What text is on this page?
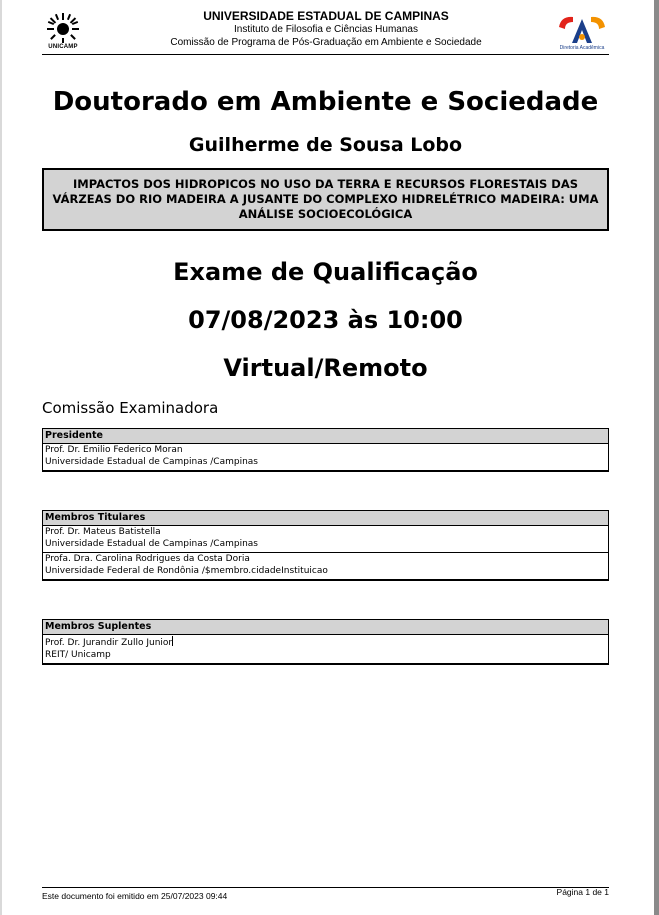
UNICAMP
UNIVERSIDADE ESTADUAL DE CAMPINAS
Instituto de Filosofia e Ciências Humanas
Comissão de Programa de Pós-Graduação em Ambiente e Sociedade	Diretoria Acadêmica
Doutorado em Ambiente e Sociedade
Guilherme de Sousa Lobo
IMPACTOS DOS HIDROPICOS NO USO DA TERRA E RECURSOS FLORESTAIS DAS VÁRZEAS DO RIO MADEIRA A JUSANTE DO COMPLEXO HIDRELÉTRICO MADEIRA: UMA ANÁLISE SOCIOECOLÓGICA
Exame de Qualificação
07/08/2023 às 10:00
Virtual/Remoto
Comissão Examinadora
Presidente
Prof. Dr. Emilio Federico Moran
Universidade Estadual de Campinas /Campinas
Membros Titulares
Prof. Dr. Mateus Batistella
Universidade Estadual de Campinas /Campinas
Profa. Dra. Carolina Rodrigues da Costa Doria
Universidade Federal de Rondônia /$membro.cidadeInstituicao
Membros Suplentes
Prof. Dr. Jurandir Zullo Junior
REIT/ Unicamp
Este documento foi emitido em 25/07/2023 09:44	Página 1 de 1
